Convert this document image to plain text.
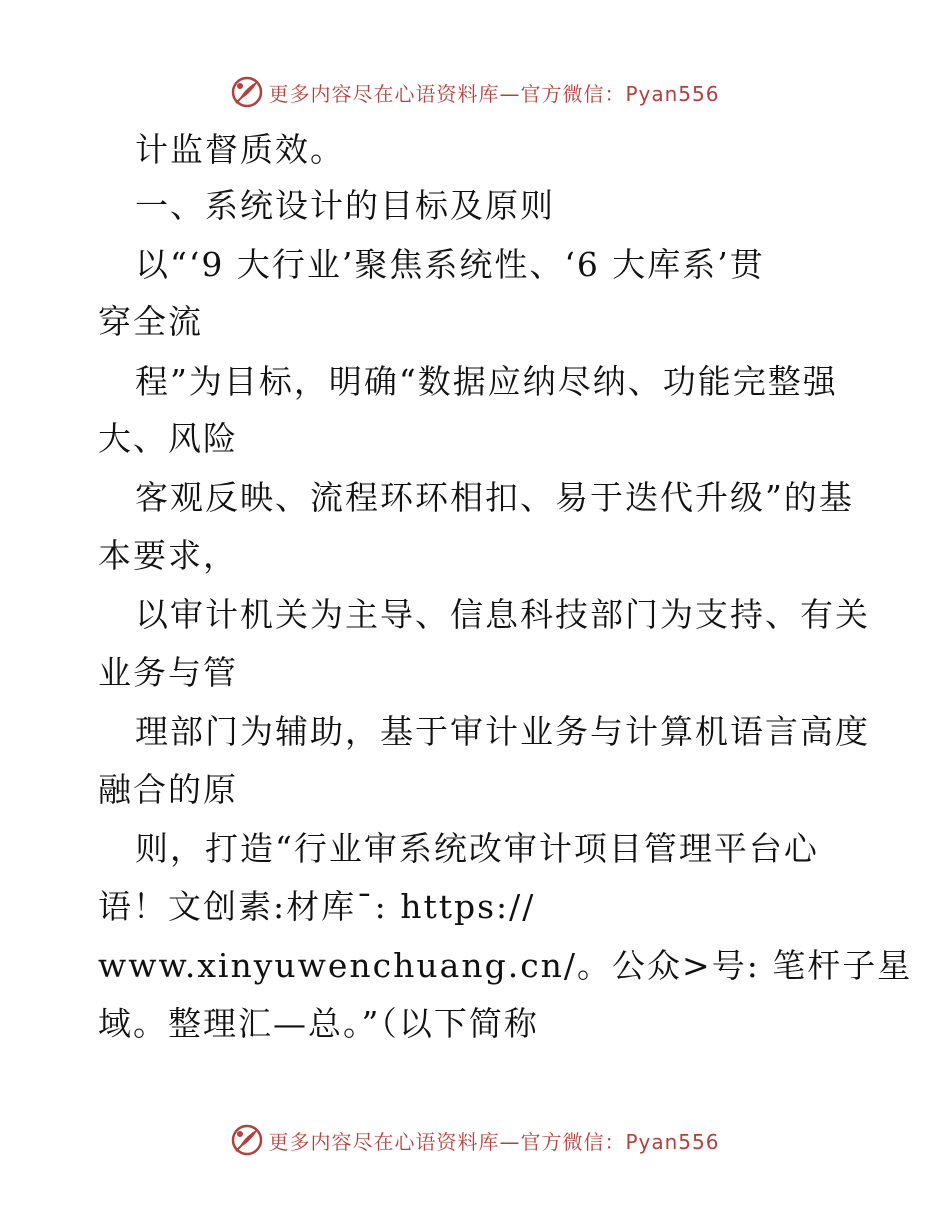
更多内容尽在心语资料库—官方微信：Pyan556
计监督质效。
一、系统设计的目标及原则
以“‘9 大行业’聚焦系统性、‘6 大库系’贯
穿全流
程”为目标，明确“数据应纳尽纳、功能完整强
大、风险
客观反映、流程环环相扣、易于迭代升级”的基
本要求，
以审计机关为主导、信息科技部门为支持、有关
业务与管
理部门为辅助，基于审计业务与计算机语言高度
融合的原
则，打造“行业审系统改审计项目管理平台心
语！文创素:材库¯: https://
www.xinyuwenchuang.cn/。公众>号: 笔杆子星
域。整理汇—总。”（以下简称
更多内容尽在心语资料库—官方微信：Pyan556
